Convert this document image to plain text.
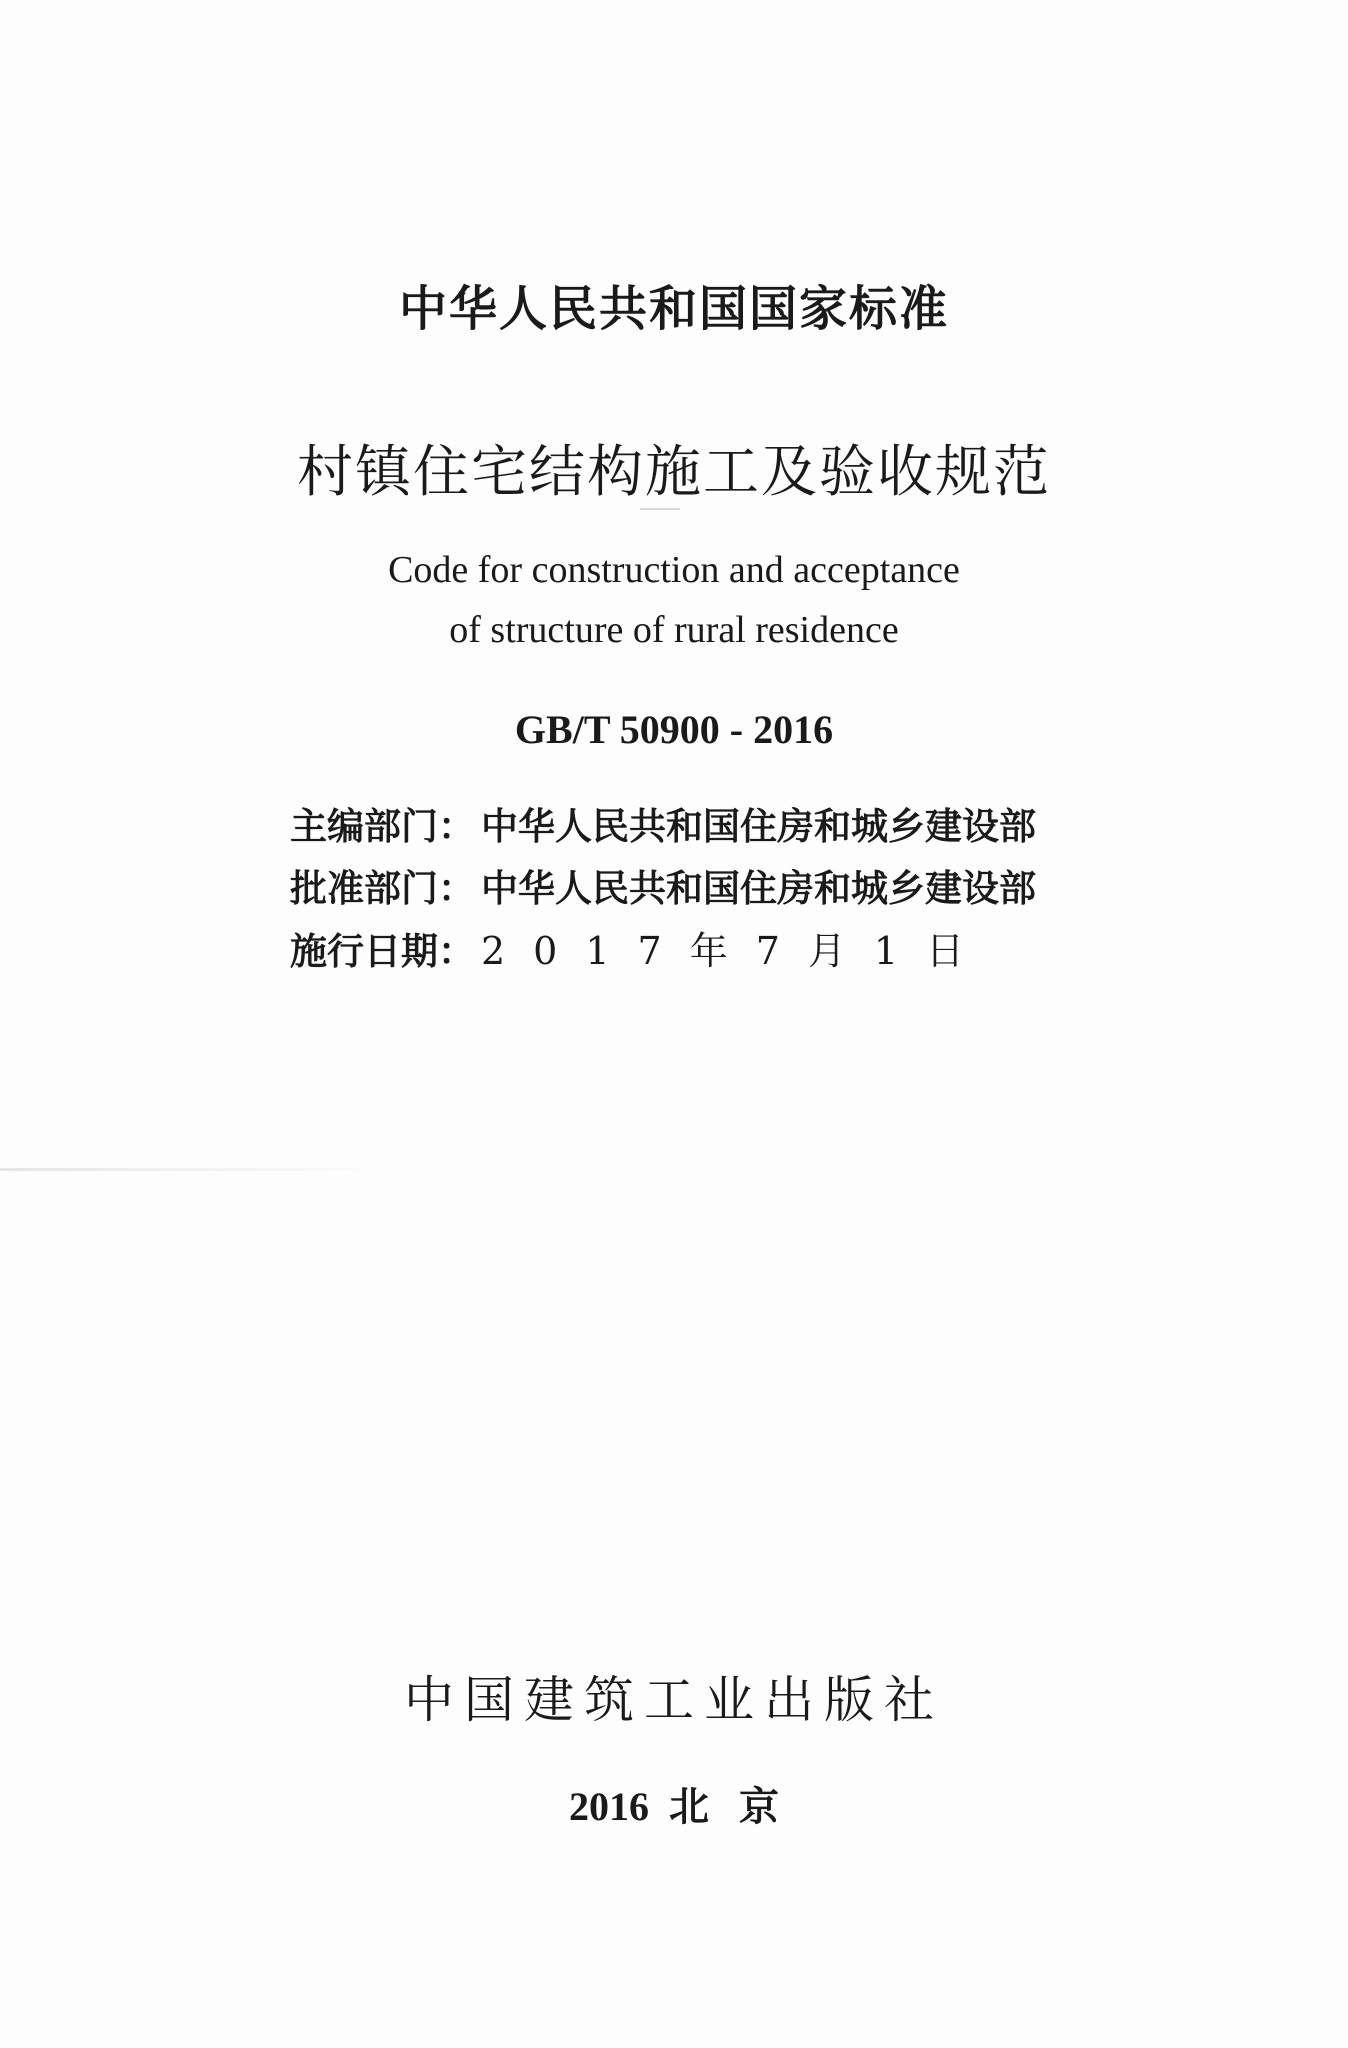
中华人民共和国国家标准
村镇住宅结构施工及验收规范
Code for construction and acceptance
of structure of rural residence
GB/T 50900 - 2016
主编部门 ： 中华人民共和国住房和城乡建设部
批准部门 ： 中华人民共和国住房和城乡建设部
施行日期 ： 2017年7月1日
中国建筑工业出版社
2016 北 京
